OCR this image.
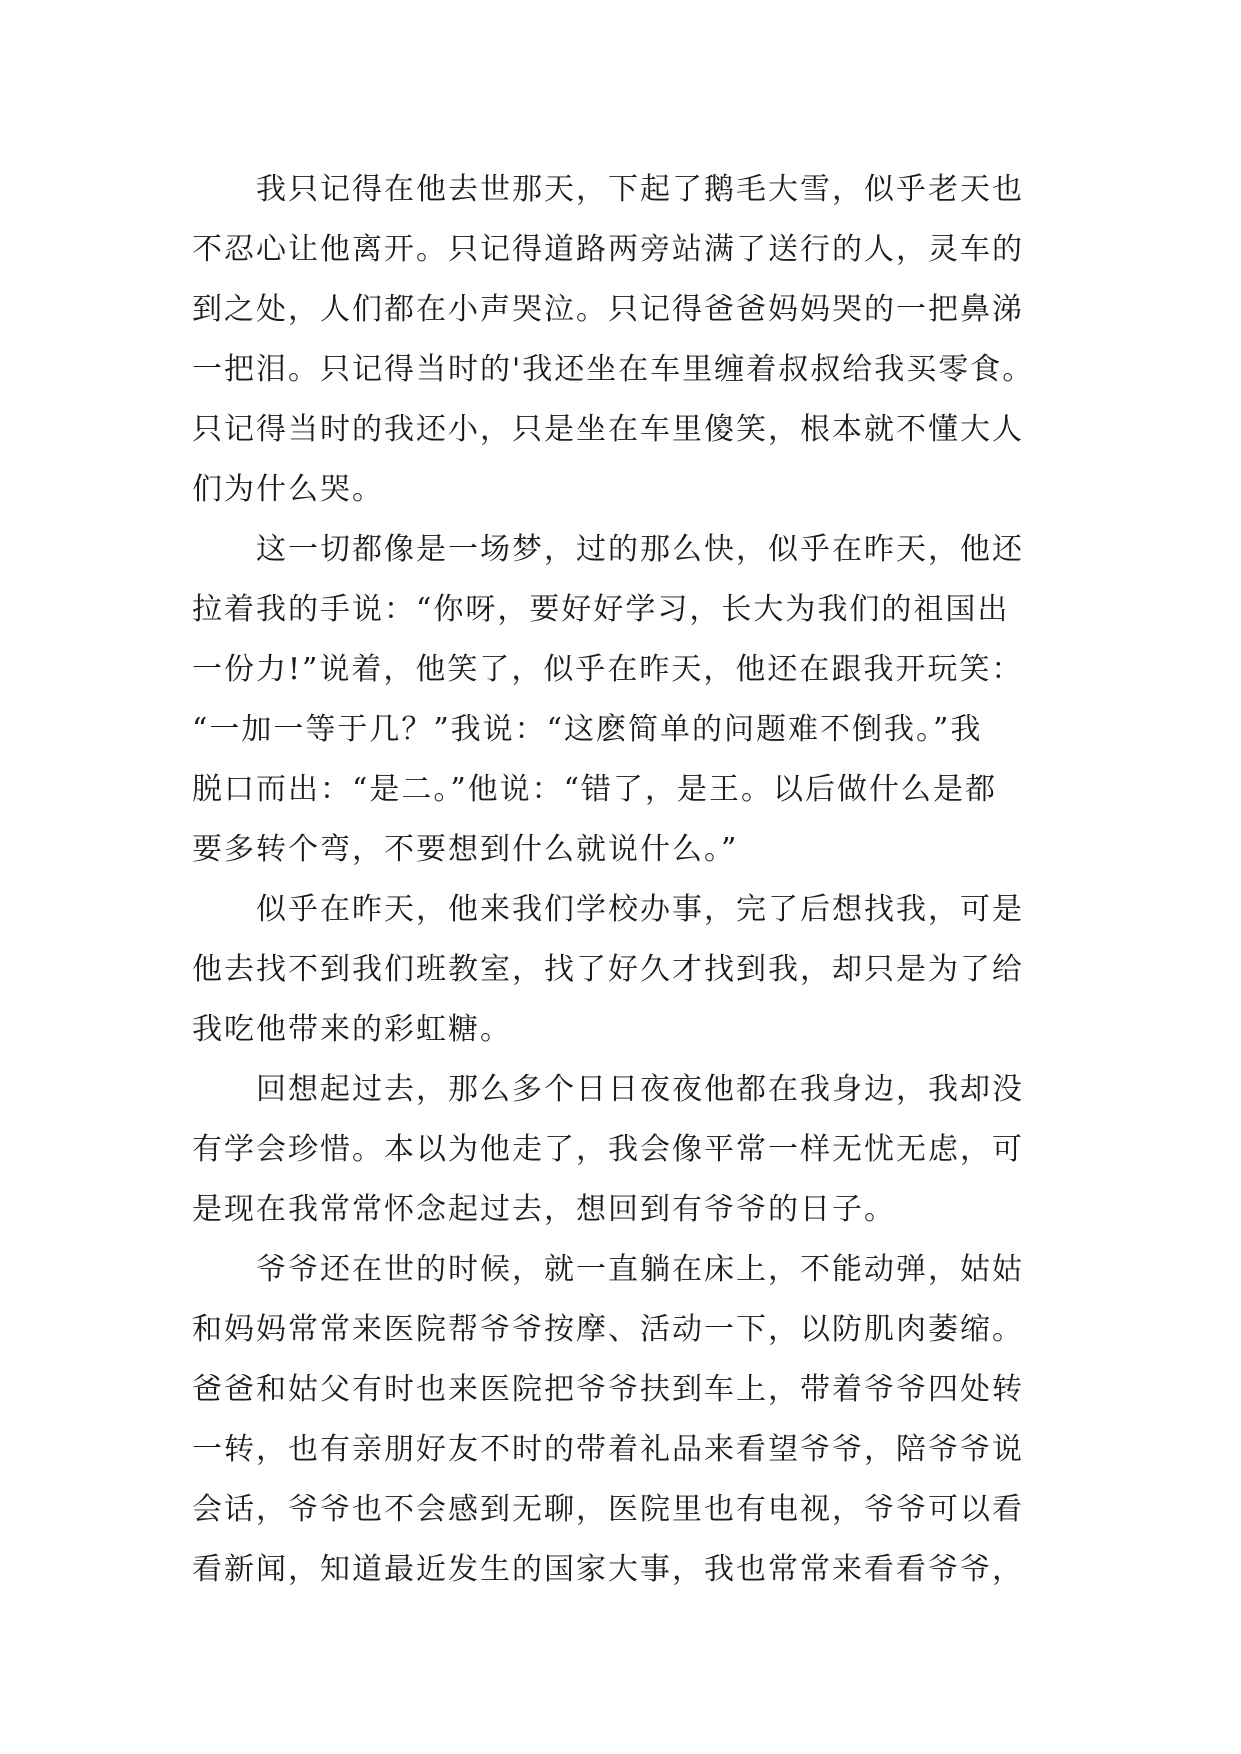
我只记得在他去世那天，下起了鹅毛大雪，似乎老天也
不忍心让他离开。只记得道路两旁站满了送行的人，灵车的
到之处，人们都在小声哭泣。只记得爸爸妈妈哭的一把鼻涕
一把泪。只记得当时的'我还坐在车里缠着叔叔给我买零食。
只记得当时的我还小，只是坐在车里傻笑，根本就不懂大人
们为什么哭。
这一切都像是一场梦，过的那么快，似乎在昨天，他还
拉着我的手说：“你呀，要好好学习，长大为我们的祖国出
一份力!”说着，他笑了，似乎在昨天，他还在跟我开玩笑：
“一加一等于几？”我说：“这麽简单的问题难不倒我。”我
脱口而出：“是二。”他说：“错了，是王。以后做什么是都
要多转个弯，不要想到什么就说什么。”
似乎在昨天，他来我们学校办事，完了后想找我，可是
他去找不到我们班教室，找了好久才找到我，却只是为了给
我吃他带来的彩虹糖。
回想起过去，那么多个日日夜夜他都在我身边，我却没
有学会珍惜。本以为他走了，我会像平常一样无忧无虑，可
是现在我常常怀念起过去，想回到有爷爷的日子。
爷爷还在世的时候，就一直躺在床上，不能动弹，姑姑
和妈妈常常来医院帮爷爷按摩、活动一下，以防肌肉萎缩。
爸爸和姑父有时也来医院把爷爷扶到车上，带着爷爷四处转
一转，也有亲朋好友不时的带着礼品来看望爷爷，陪爷爷说
会话，爷爷也不会感到无聊，医院里也有电视，爷爷可以看
看新闻，知道最近发生的国家大事，我也常常来看看爷爷，
